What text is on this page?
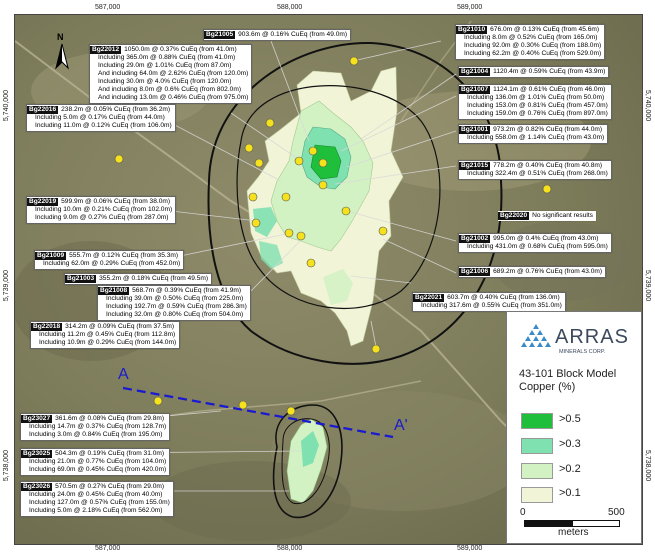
587,000	588,000	589,000
587,000	588,000	589,000
5,740,000
5,739,000
5,738,000
5,740,000
5,739,000
5,738,000
N
A
A'
Bg22012 1050.0m @ 0.37% CuEq (from 41.0m)
Including 365.0m @ 0.88% CuEq (from 41.0m)
Including 29.0m @ 1.01% CuEq (from 87.0m)
And including 64.0m @ 2.62% CuEq (from 120.0m)
Including 30.0m @ 4.0% CuEq (from 120.0m)
And including 8.0m @ 0.6% CuEq (from 802.0m)
And including 13.0m @ 0.46% CuEq (from 975.0m)
Bg21005 903.6m @ 0.16% CuEq (from 49.0m)
Bg21010 676.0m @ 0.13% CuEq (from 45.6m)
Including 8.0m @ 0.52% CuEq (from 165.0m)
Including 92.0m @ 0.30% CuEq (from 188.0m)
Including 62.2m @ 0.40% CuEq (from 529.0m)
Bg21004 1120.4m @ 0.59% CuEq (from 43.9m)
Bg21007 1124.1m @ 0.61% CuEq (from 46.0m)
Including 136.0m @ 1.01% CuEq (from 50.0m)
Including 153.0m @ 0.81% CuEq (from 457.0m)
Including 159.0m @ 0.76% CuEq (from 897.0m)
Bg22016 238.2m @ 0.05% CuEq (from 36.2m)
Including 5.0m @ 0.17% CuEq (from 44.0m)
Including 11.0m @ 0.12% CuEq (from 106.0m)
Bg21001 973.2m @ 0.82% CuEq (from 44.0m)
Including 558.0m @ 1.14% CuEq (from 43.0m)
Bg21015 778.2m @ 0.40% CuEq (from 40.8m)
Including 322.4m @ 0.51% CuEq (from 268.0m)
Bg22019 599.9m @ 0.06% CuEq (from 38.0m)
Including 10.0m @ 0.21% CuEq (from 102.0m)
Including 9.0m @ 0.27% CuEq (from 287.0m)	Bg22020 No significant results
Bg21002 995.0m @ 0.4% CuEq (from 43.0m)
Including 431.0m @ 0.68% CuEq (from 595.0m)
Bg21009 555.7m @ 0.12% CuEq (from 35.3m)
Including 62.0m @ 0.29% CuEq (from 452.0m)
Bg21006 689.2m @ 0.76% CuEq (from 43.0m)
Bg21003 355.2m @ 0.18% CuEq (from 49.5m)
Bg21008 568.7m @ 0.39% CuEq (from 41.9m)
Including 39.0m @ 0.50% CuEq (from 225.0m)
Including 192.7m @ 0.59% CuEq (from 286.3m)
Including 32.0m @ 0.80% CuEq (from 504.0m)
Bg22021 603.7m @ 0.40% CuEq (from 136.0m)
Including 317.6m @ 0.55% CuEq (from 351.0m)
Bg22018 314.2m @ 0.09% CuEq (from 37.5m)
Including 11.2m @ 0.45% CuEq (from 112.8m)
Including 10.9m @ 0.29% CuEq (from 144.0m)
Bg23027 361.6m @ 0.08% CuEq (from 29.8m)
Including 14.7m @ 0.37% CuEq (from 128.7m)
Including 3.0m @ 0.84% CuEq (from 195.0m)
Bg23025 504.3m @ 0.19% CuEq (from 31.0m)
Including 21.0m @ 0.77% CuEq (from 104.0m)
Including 69.0m @ 0.45% CuEq (from 420.0m)
Bg23026 570.5m @ 0.27% CuEq (from 29.0m)
Including 24.0m @ 0.45% CuEq (from 40.0m)
Including 127.0m @ 0.57% CuEq (from 155.0m)
Including 5.0m @ 2.18% CuEq (from 562.0m)
ARRAS
MINERALS CORP.
43-101 Block Model
Copper (%)
>0.5
>0.3
>0.2
>0.1
0	500
meters
